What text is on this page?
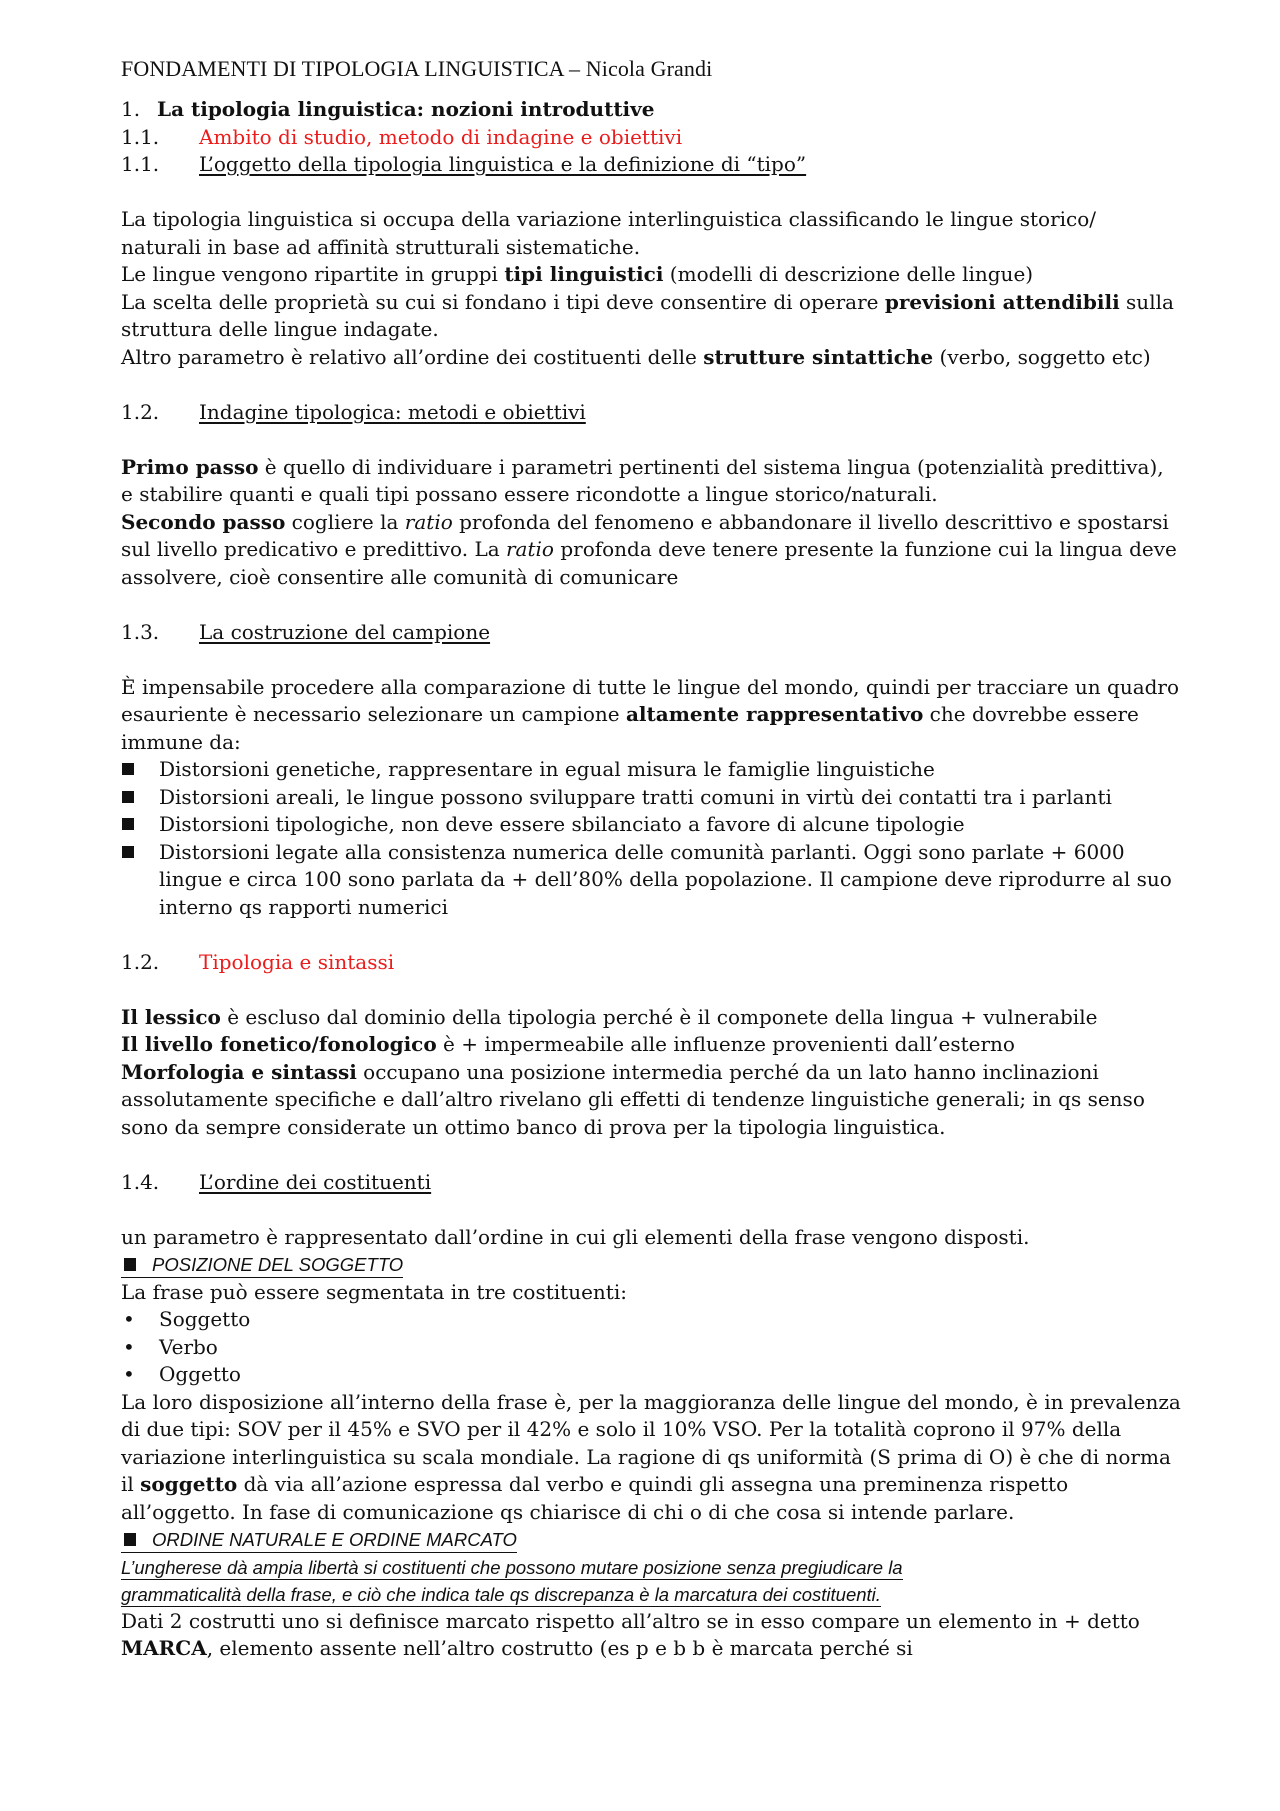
FONDAMENTI DI TIPOLOGIA LINGUISTICA – Nicola Grandi
1. La tipologia linguistica: nozioni introduttive
1.1.	Ambito di studio, metodo di indagine e obiettivi
1.1.	L’oggetto della tipologia linguistica e la definizione di “tipo”

La tipologia linguistica si occupa della variazione interlinguistica classificando le lingue storico/ naturali in base ad affinità strutturali sistematiche.

Le lingue vengono ripartite in gruppi tipi linguistici (modelli di descrizione delle lingue)

La scelta delle proprietà su cui si fondano i tipi deve consentire di operare previsioni attendibili sulla struttura delle lingue indagate.

Altro parametro è relativo all’ordine dei costituenti delle strutture sintattiche (verbo, soggetto etc)

1.2.	Indagine tipologica: metodi e obiettivi

Primo passo è quello di individuare i parametri pertinenti del sistema lingua (potenzialità predittiva), e stabilire quanti e quali tipi possano essere ricondotte a lingue storico/naturali.

Secondo passo cogliere la ratio profonda del fenomeno e abbandonare il livello descrittivo e spostarsi sul livello predicativo e predittivo. La ratio profonda deve tenere presente la funzione cui la lingua deve assolvere, cioè consentire alle comunità di comunicare

1.3.	La costruzione del campione

È impensabile procedere alla comparazione di tutte le lingue del mondo, quindi per tracciare un quadro esauriente è necessario selezionare un campione altamente rappresentativo che dovrebbe essere immune da:

Distorsioni genetiche, rappresentare in egual misura le famiglie linguistiche
Distorsioni areali, le lingue possono sviluppare tratti comuni in virtù dei contatti tra i parlanti
Distorsioni tipologiche, non deve essere sbilanciato a favore di alcune tipologie
Distorsioni legate alla consistenza numerica delle comunità parlanti. Oggi sono parlate + 6000 lingue e circa 100 sono parlata da + dell’80% della popolazione. Il campione deve riprodurre al suo interno qs rapporti numerici
1.2.	Tipologia e sintassi

Il lessico è escluso dal dominio della tipologia perché è il componete della lingua + vulnerabile

Il livello fonetico/fonologico è + impermeabile alle influenze provenienti dall’esterno

Morfologia e sintassi occupano una posizione intermedia perché da un lato hanno inclinazioni assolutamente specifiche e dall’altro rivelano gli effetti di tendenze linguistiche generali; in qs senso sono da sempre considerate un ottimo banco di prova per la tipologia linguistica.

1.4.	L’ordine dei costituenti

un parametro è rappresentato dall’ordine in cui gli elementi della frase vengono disposti.

POSIZIONE DEL SOGGETTO

La frase può essere segmentata in tre costituenti:

• Soggetto
• Verbo
• Oggetto

La loro disposizione all’interno della frase è, per la maggioranza delle lingue del mondo, è in prevalenza di due tipi: SOV per il 45% e SVO per il 42% e solo il 10% VSO. Per la totalità coprono il 97% della variazione interlinguistica su scala mondiale. La ragione di qs uniformità (S prima di O) è che di norma il soggetto dà via all’azione espressa dal verbo e quindi gli assegna una preminenza rispetto all’oggetto. In fase di comunicazione qs chiarisce di chi o di che cosa si intende parlare.

ORDINE NATURALE E ORDINE MARCATO
L’ungherese dà ampia libertà si costituenti che possono mutare posizione senza pregiudicare la
grammaticalità della frase, e ciò che indica tale qs discrepanza è la marcatura dei costituenti.

Dati 2 costrutti uno si definisce marcato rispetto all’altro se in esso compare un elemento in + detto MARCA, elemento assente nell’altro costrutto (es p e b b è marcata perché si
